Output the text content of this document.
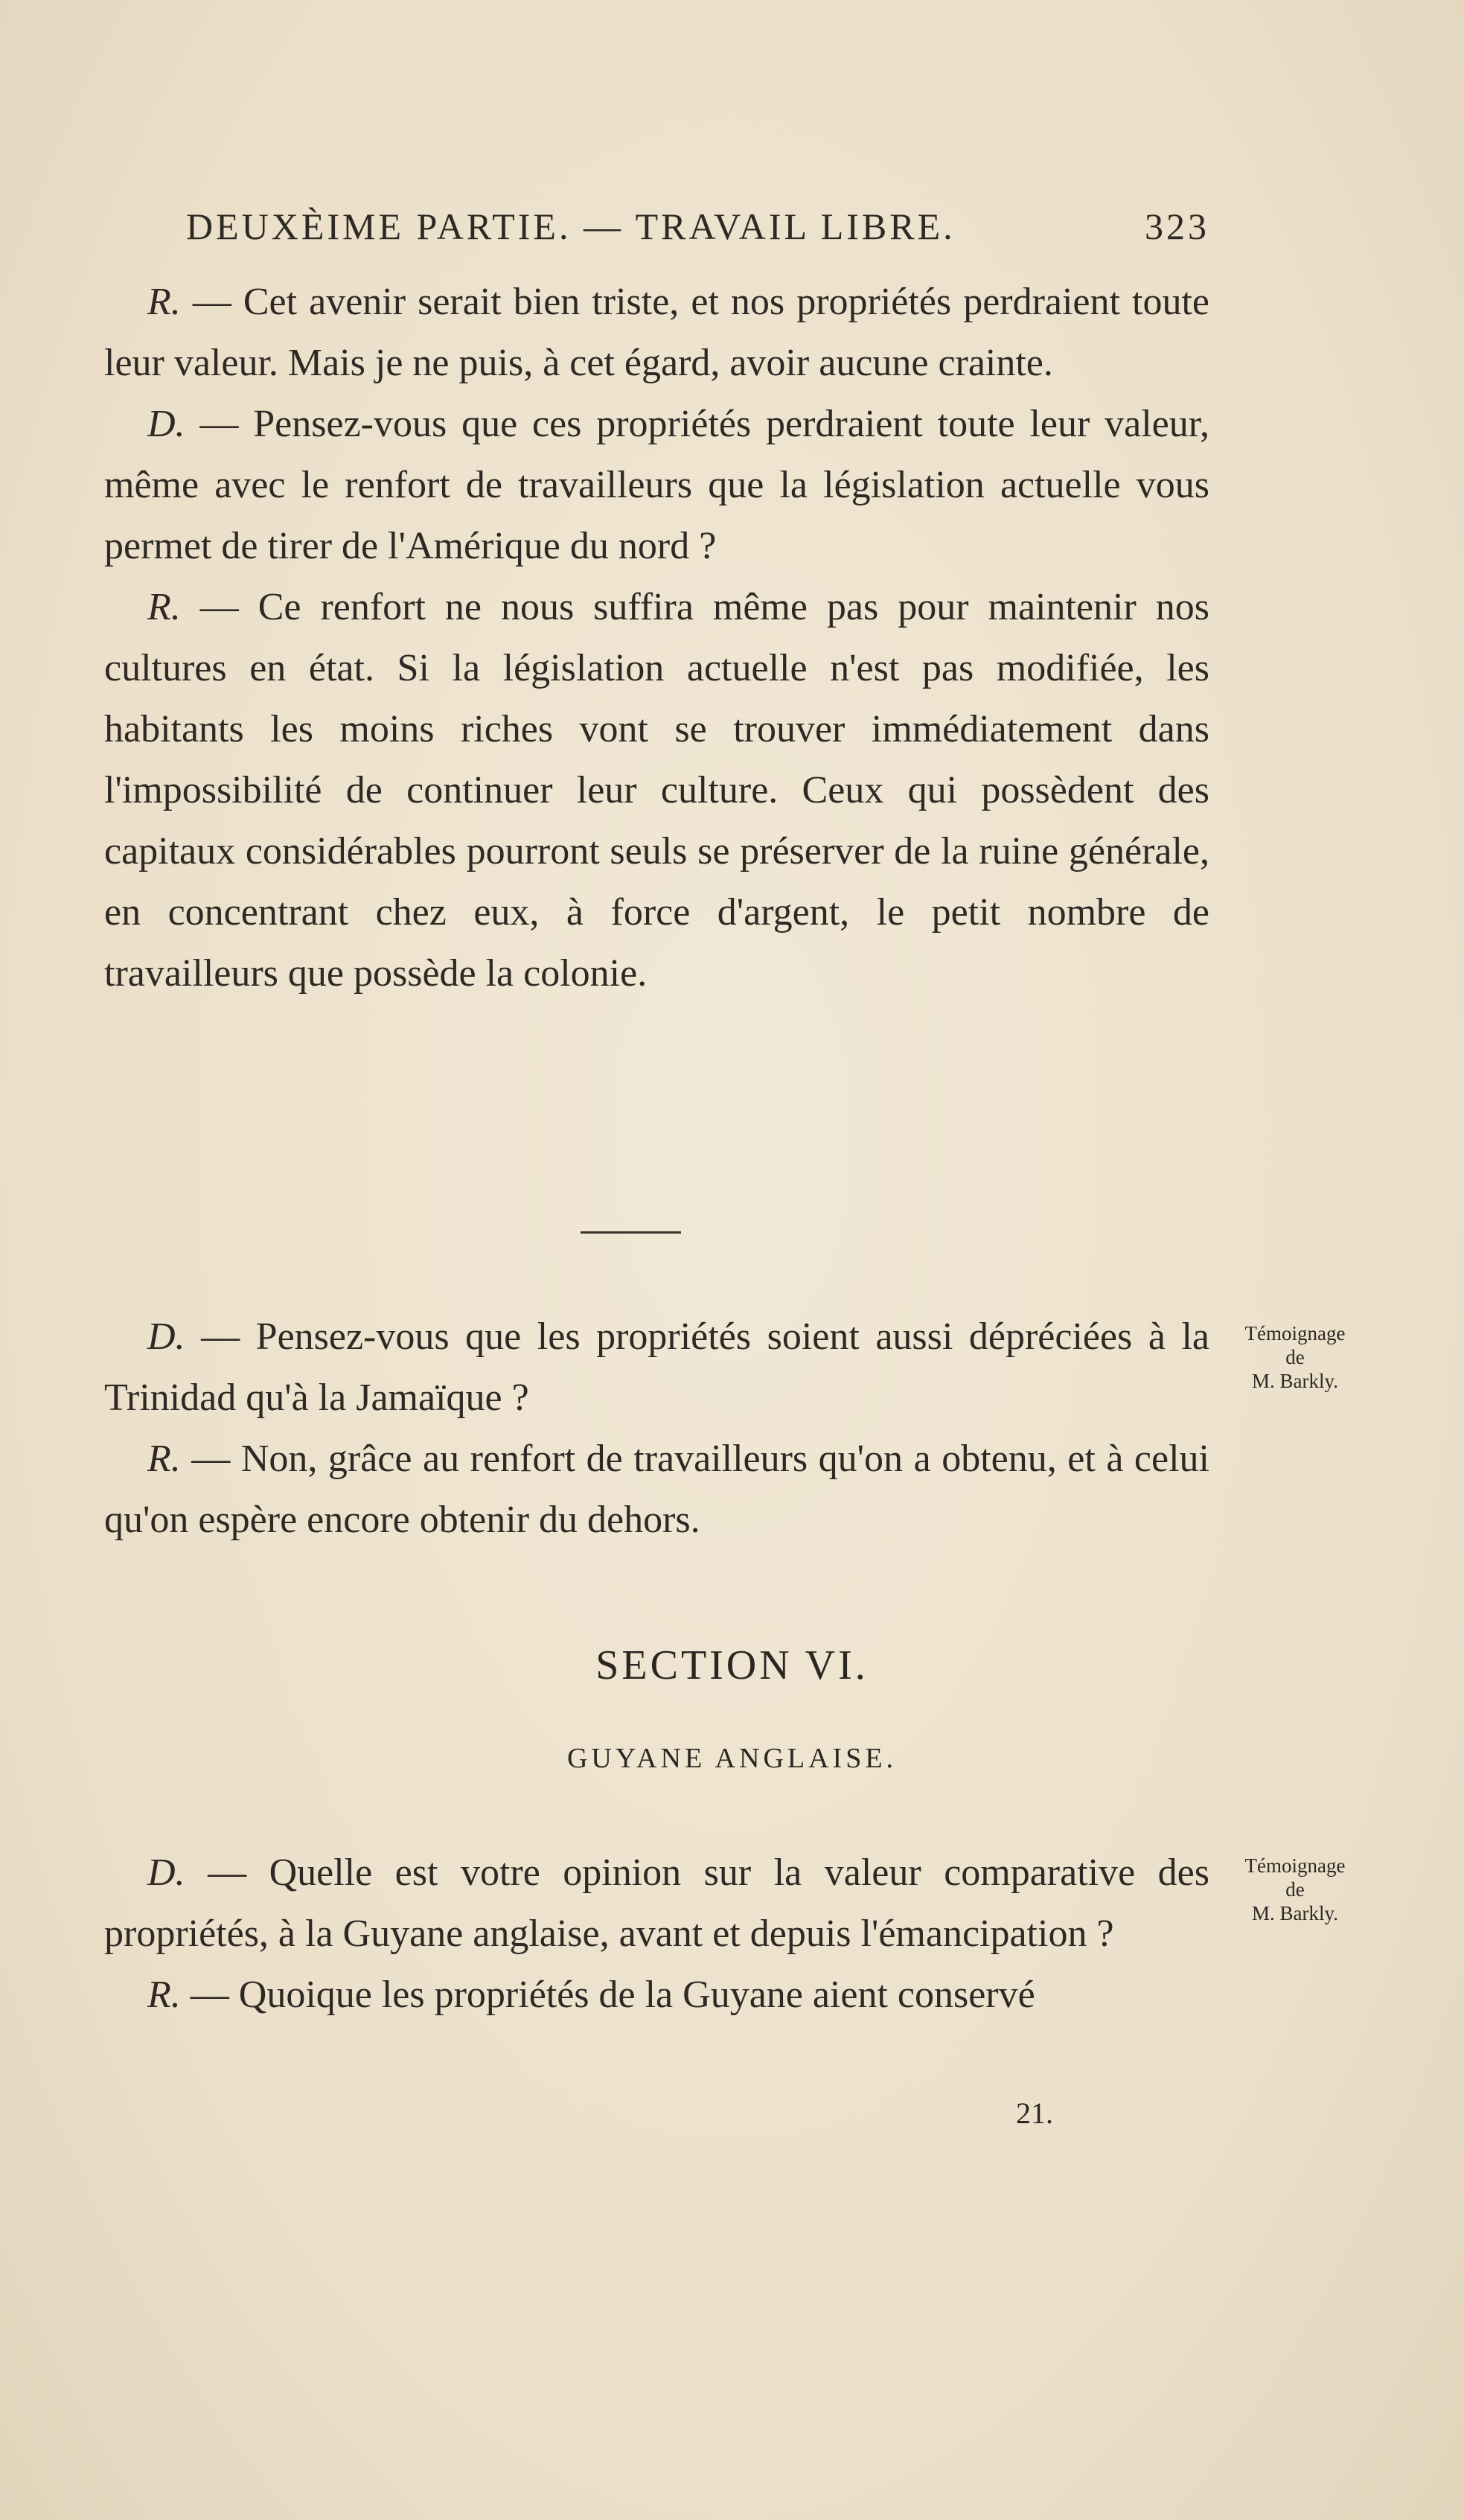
DEUXÈIME PARTIE. — TRAVAIL LIBRE.	323

R. — Cet avenir serait bien triste, et nos propriétés perdraient toute leur valeur. Mais je ne puis, à cet égard, avoir aucune crainte.

D. — Pensez-vous que ces propriétés perdraient toute leur valeur, même avec le renfort de travailleurs que la législation actuelle vous permet de tirer de l'Amérique du nord ?

R. — Ce renfort ne nous suffira même pas pour maintenir nos cultures en état. Si la législation actuelle n'est pas modifiée, les habitants les moins riches vont se trouver immédiatement dans l'impossibilité de continuer leur culture. Ceux qui possèdent des capitaux considérables pourront seuls se préserver de la ruine générale, en concentrant chez eux, à force d'argent, le petit nombre de travailleurs que possède la colonie.

D. — Pensez-vous que les propriétés soient aussi dépréciées à la Trinidad qu'à la Jamaïque ?

R. — Non, grâce au renfort de travailleurs qu'on a obtenu, et à celui qu'on espère encore obtenir du dehors.

Témoignage
de
M. Barkly.
SECTION VI.
GUYANE ANGLAISE.

D. — Quelle est votre opinion sur la valeur comparative des propriétés, à la Guyane anglaise, avant et depuis l'émancipation ?

R. — Quoique les propriétés de la Guyane aient conservé

Témoignage
de
M. Barkly.
21.
